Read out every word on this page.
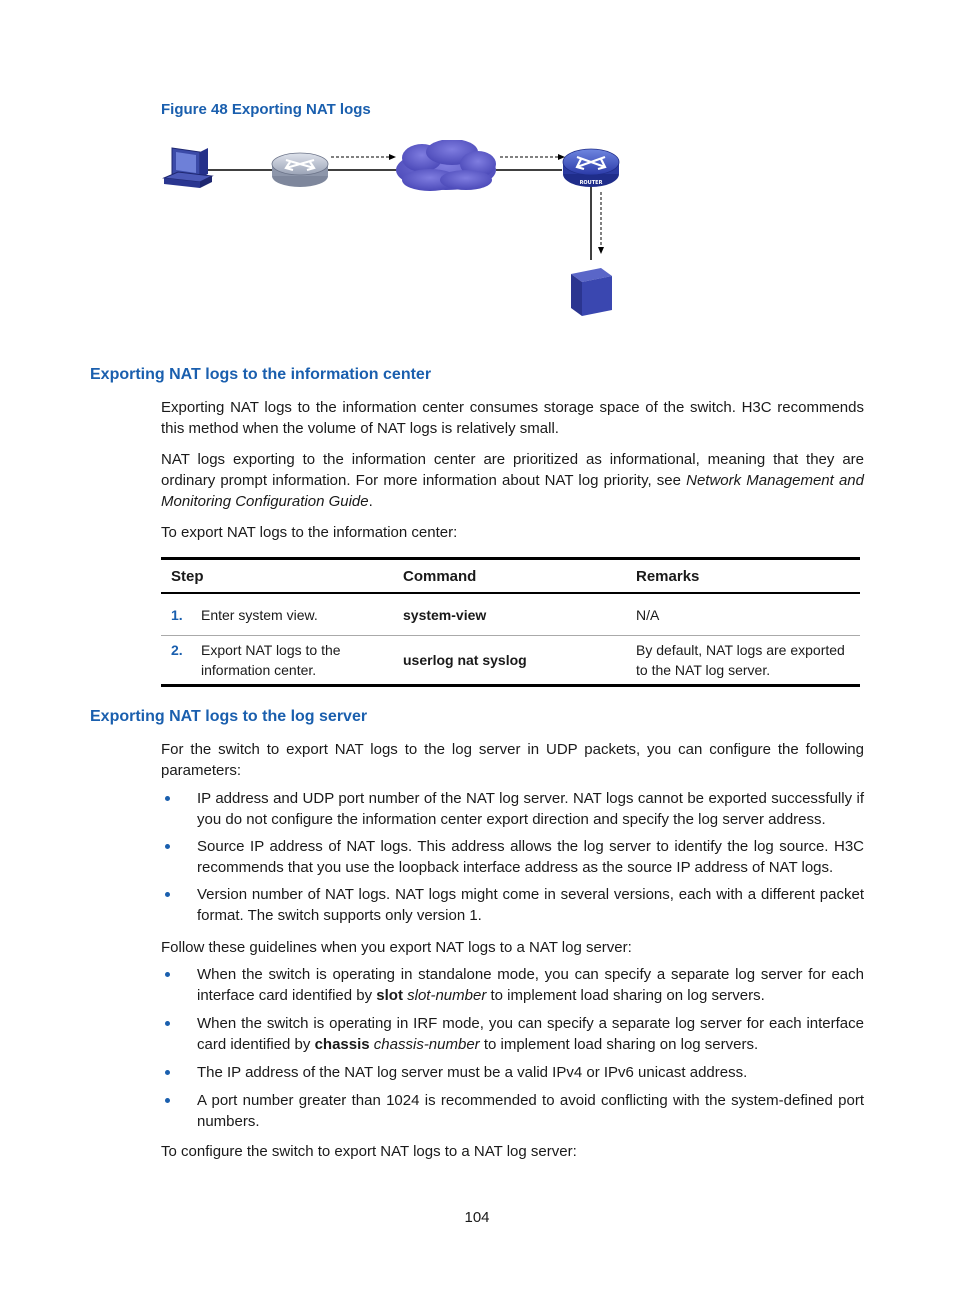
Figure 48 Exporting NAT logs
ROUTER
Exporting NAT logs to the information center
Exporting NAT logs to the information center consumes storage space of the switch. H3C recommends this method when the volume of NAT logs is relatively small.
NAT logs exporting to the information center are prioritized as informational, meaning that they are ordinary prompt information. For more information about NAT log priority, see Network Management and Monitoring Configuration Guide.
To export NAT logs to the information center:
Step	Command	Remarks
1. Enter system view.	system-view	N/A

2. Export NAT logs to the information center.	userlog nat syslog	By default, NAT logs are exported to the NAT log server.
Exporting NAT logs to the log server
For the switch to export NAT logs to the log server in UDP packets, you can configure the following parameters:
IP address and UDP port number of the NAT log server. NAT logs cannot be exported successfully if you do not configure the information center export direction and specify the log server address.
Source IP address of NAT logs. This address allows the log server to identify the log source. H3C recommends that you use the loopback interface address as the source IP address of NAT logs.
Version number of NAT logs. NAT logs might come in several versions, each with a different packet format. The switch supports only version 1.
Follow these guidelines when you export NAT logs to a NAT log server:
When the switch is operating in standalone mode, you can specify a separate log server for each interface card identified by slot slot-number to implement load sharing on log servers.
When the switch is operating in IRF mode, you can specify a separate log server for each interface card identified by chassis chassis-number to implement load sharing on log servers.
The IP address of the NAT log server must be a valid IPv4 or IPv6 unicast address.
A port number greater than 1024 is recommended to avoid conflicting with the system-defined port numbers.
To configure the switch to export NAT logs to a NAT log server:
104
